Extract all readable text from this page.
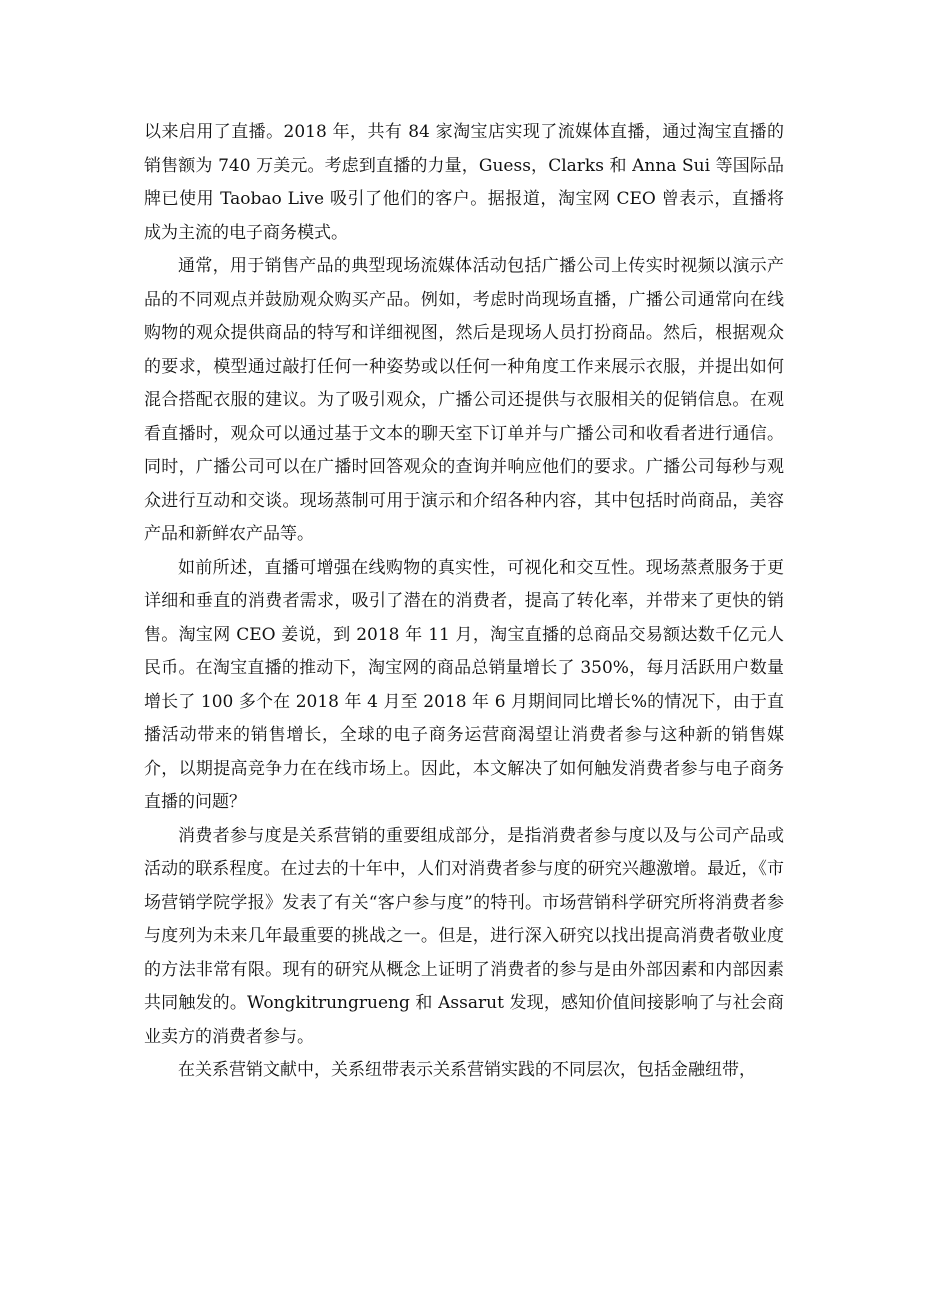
以来启用了直播。2018 年，共有 84 家淘宝店实现了流媒体直播，通过淘宝直播的销售额为 740 万美元。考虑到直播的力量，Guess，Clarks 和 Anna Sui 等国际品牌已使用 Taobao Live 吸引了他们的客户。据报道，淘宝网 CEO 曾表示，直播将成为主流的电子商务模式。

通常，用于销售产品的典型现场流媒体活动包括广播公司上传实时视频以演示产品的不同观点并鼓励观众购买产品。例如，考虑时尚现场直播，广播公司通常向在线购物的观众提供商品的特写和详细视图，然后是现场人员打扮商品。然后，根据观众的要求，模型通过敲打任何一种姿势或以任何一种角度工作来展示衣服，并提出如何混合搭配衣服的建议。为了吸引观众，广播公司还提供与衣服相关的促销信息。在观看直播时，观众可以通过基于文本的聊天室下订单并与广播公司和收看者进行通信。同时，广播公司可以在广播时回答观众的查询并响应他们的要求。广播公司每秒与观众进行互动和交谈。现场蒸制可用于演示和介绍各种内容，其中包括时尚商品，美容产品和新鲜农产品等。

如前所述，直播可增强在线购物的真实性，可视化和交互性。现场蒸煮服务于更详细和垂直的消费者需求，吸引了潜在的消费者，提高了转化率，并带来了更快的销售。淘宝网 CEO 姜说，到 2018 年 11 月，淘宝直播的总商品交易额达数千亿元人民币。在淘宝直播的推动下，淘宝网的商品总销量增长了 350%，每月活跃用户数量增长了 100 多个在 2018 年 4 月至 2018 年 6 月期间同比增长%的情况下，由于直播活动带来的销售增长，全球的电子商务运营商渴望让消费者参与这种新的销售媒介，以期提高竞争力在在线市场上。因此，本文解决了如何触发消费者参与电子商务直播的问题？

消费者参与度是关系营销的重要组成部分，是指消费者参与度以及与公司产品或活动的联系程度。在过去的十年中，人们对消费者参与度的研究兴趣激增。最近，《市场营销学院学报》发表了有关“客户参与度”的特刊。市场营销科学研究所将消费者参与度列为未来几年最重要的挑战之一。但是，进行深入研究以找出提高消费者敬业度的方法非常有限。现有的研究从概念上证明了消费者的参与是由外部因素和内部因素共同触发的。Wongkitrungrueng 和 Assarut 发现，感知价值间接影响了与社会商业卖方的消费者参与。

在关系营销文献中，关系纽带表示关系营销实践的不同层次，包括金融纽带，
